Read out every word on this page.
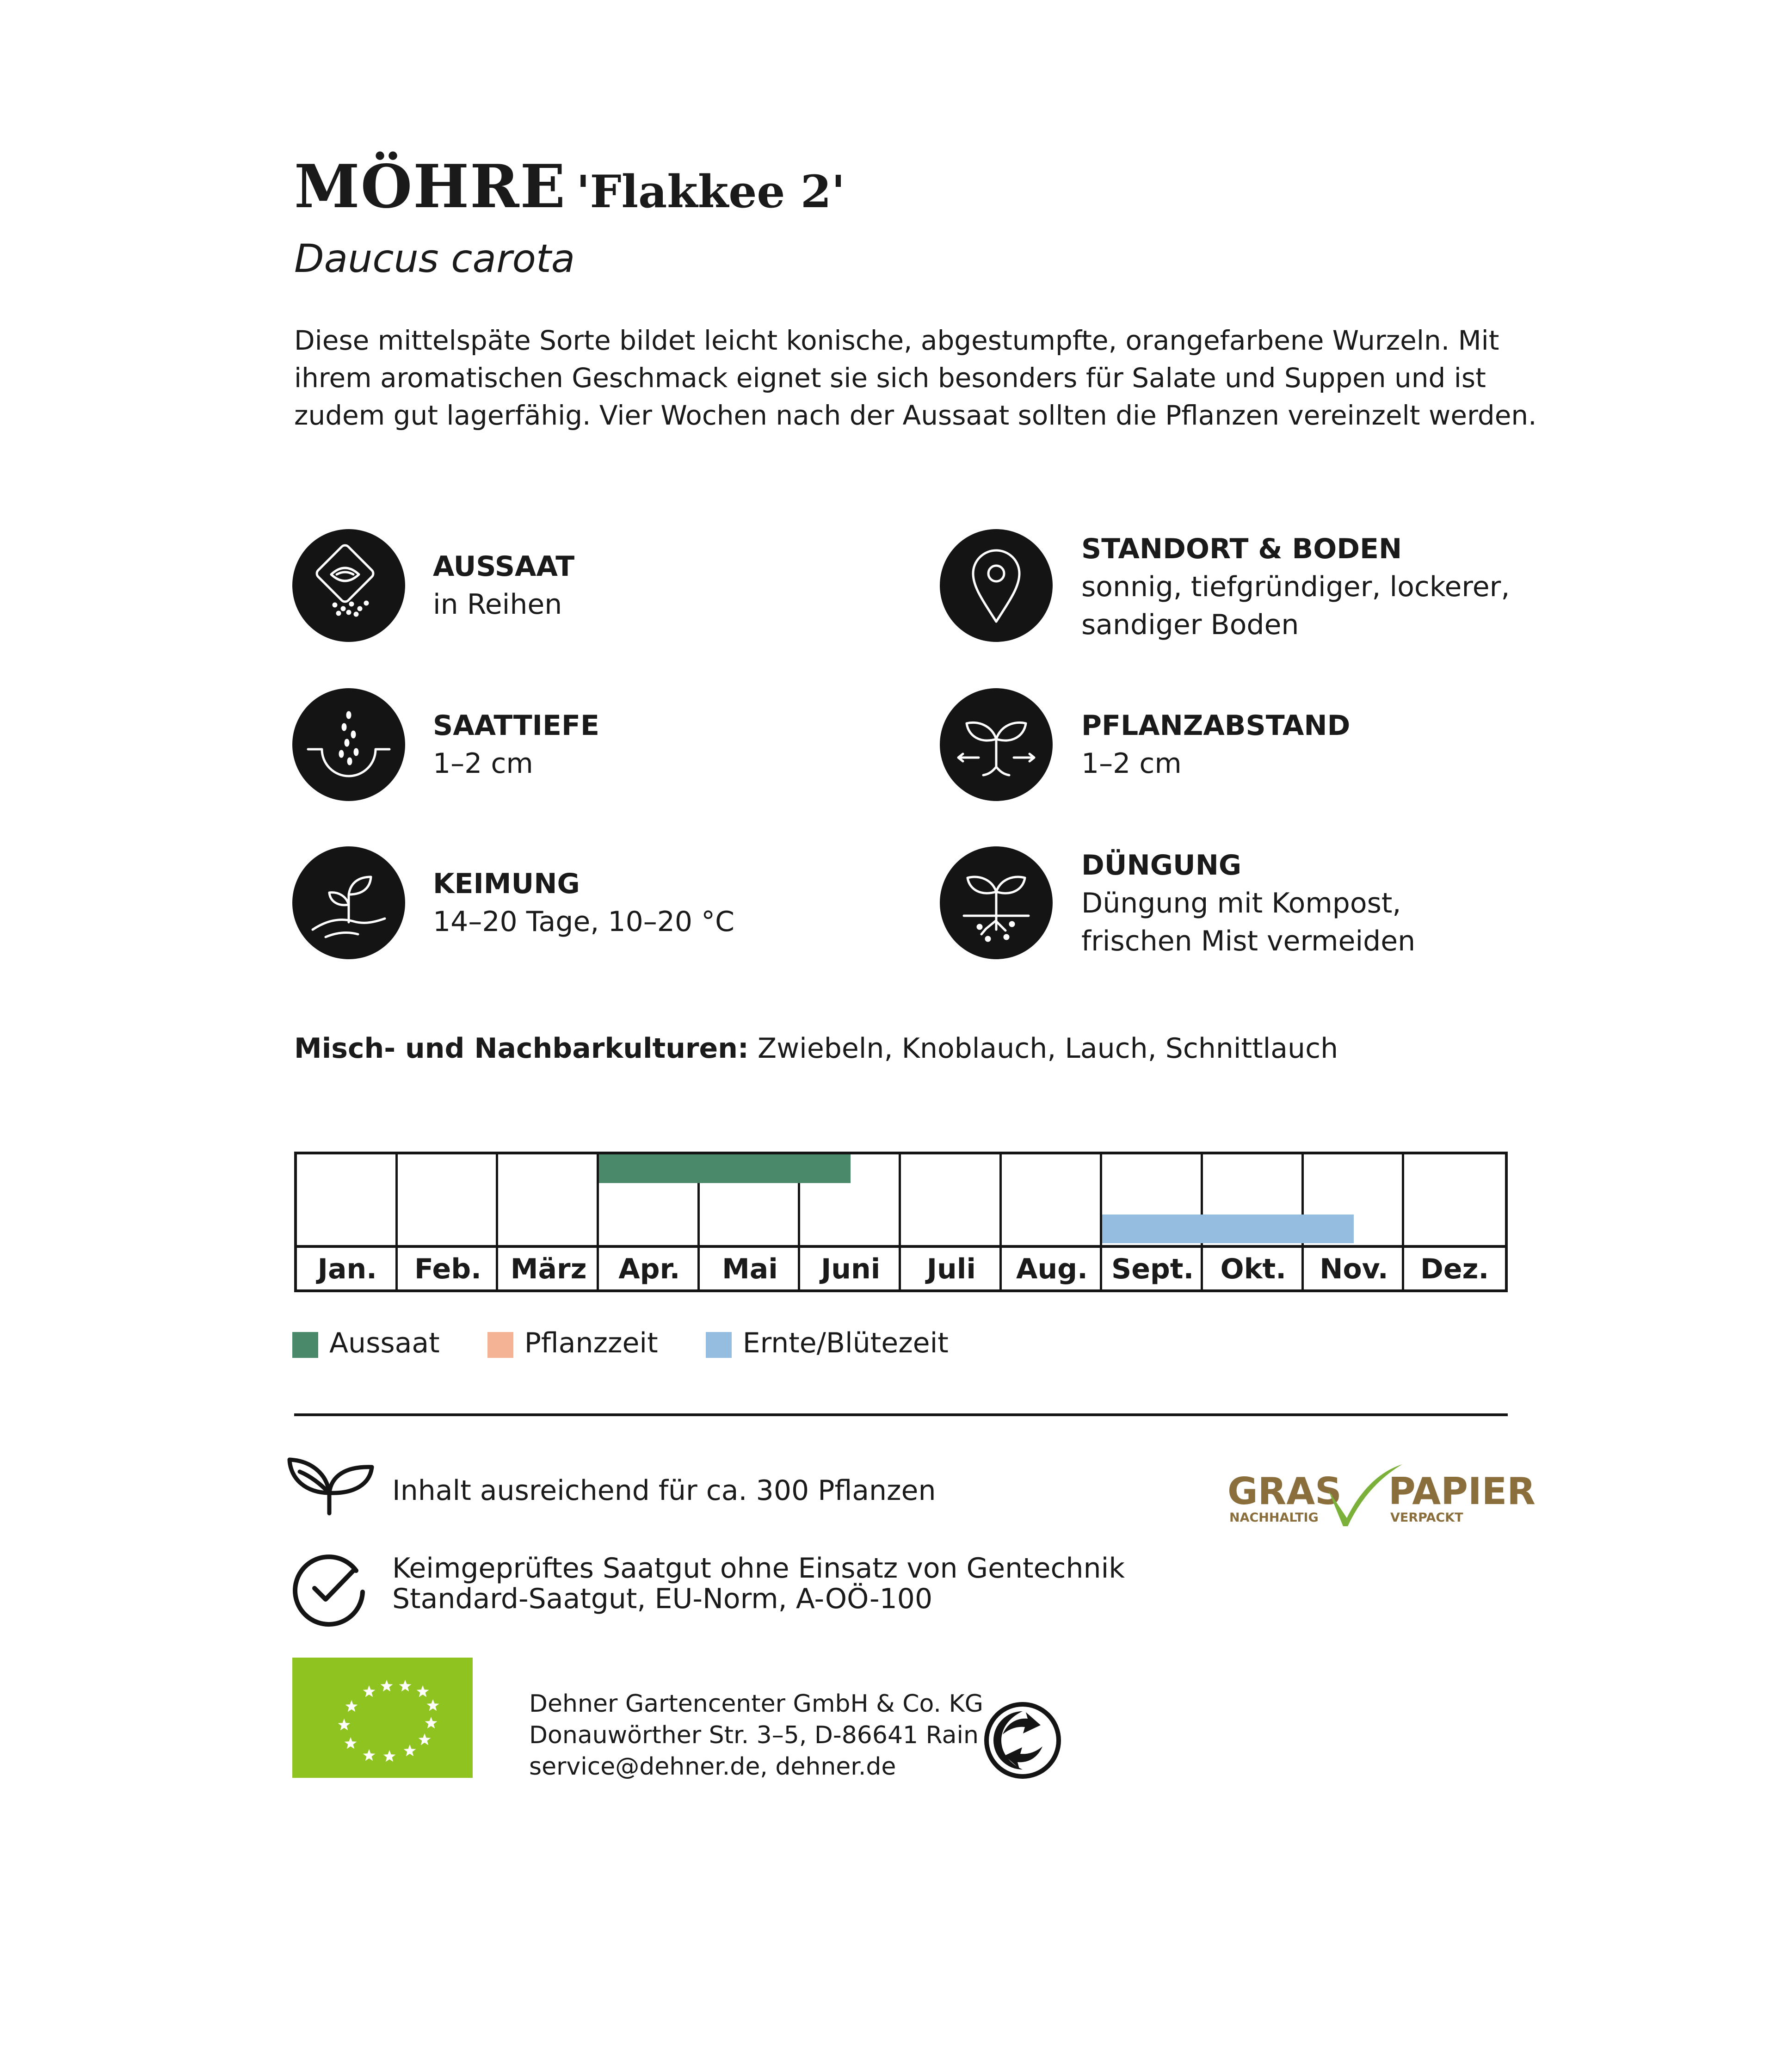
MÖHRE 'Flakkee 2'
Daucus carota
Diese mittelspäte Sorte bildet leicht konische, abgestumpfte, orangefarbene Wurzeln. Mit
ihrem aromatischen Geschmack eignet sie sich besonders für Salate und Suppen und ist
zudem gut lagerfähig. Vier Wochen nach der Aussaat sollten die Pflanzen vereinzelt werden.
AUSSAAT
in Reihen
STANDORT & BODEN
sonnig, tiefgründiger, lockerer,
sandiger Boden
SAATTIEFE
1–2 cm
PFLANZABSTAND
1–2 cm
KEIMUNG
14–20 Tage, 10–20 °C
DÜNGUNG
Düngung mit Kompost,
frischen Mist vermeiden
Misch- und Nachbarkulturen: Zwiebeln, Knoblauch, Lauch, Schnittlauch
Jan.	Feb.	März	Apr.	Mai	Juni	Juli	Aug. Sept. Okt.	Nov.	Dez.
Aussaat	Pflanzzeit	Ernte/Blütezeit
Inhalt ausreichend für ca. 300 Pflanzen
Keimgeprüftes Saatgut ohne Einsatz von Gentechnik
Standard-Saatgut, EU-Norm, A-OÖ-100
GRAS
NACHHALTIG
PAPIER
VERPACKT
Dehner Gartencenter GmbH & Co. KG
Donauwörther Str. 3–5, D-86641 Rain
service@dehner.de, dehner.de
